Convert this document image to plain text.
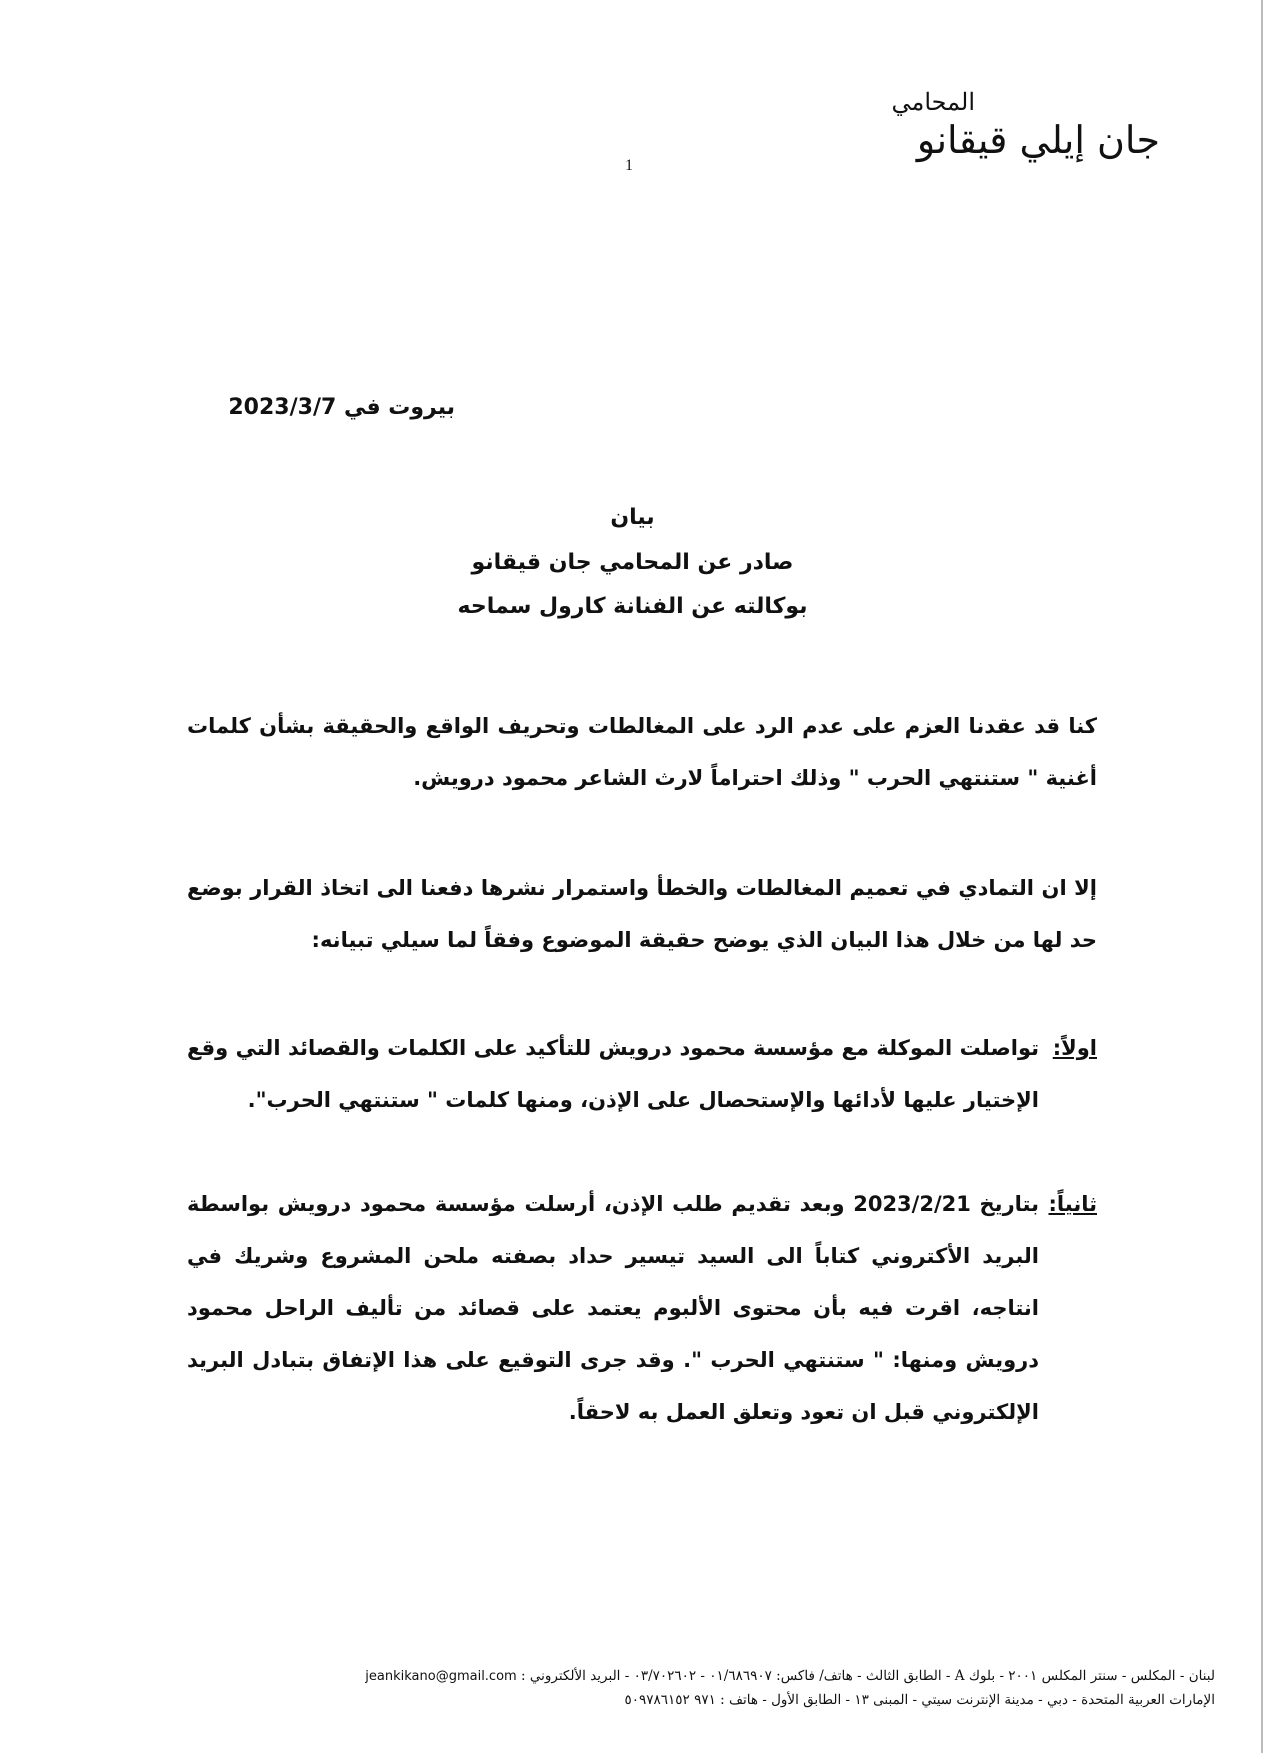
المحامي
جان إيلي قيقانو
1
بيروت في 2023/3/7
بيان
صادر عن المحامي جان قيقانو
بوكالته عن الفنانة كارول سماحه
كنا قد عقدنا العزم على عدم الرد على المغالطات وتحريف الواقع والحقيقة بشأن كلمات أغنية " ستنتهي الحرب " وذلك احتراماً لارث الشاعر محمود درويش.
إلا ان التمادي في تعميم المغالطات والخطأ واستمرار نشرها دفعنا الى اتخاذ القرار بوضع حد لها من خلال هذا البيان الذي يوضح حقيقة الموضوع وفقاً لما سيلي تبيانه:
اولاً:
تواصلت الموكلة مع مؤسسة محمود درويش للتأكيد على الكلمات والقصائد التي وقع الإختيار عليها لأدائها والإستحصال على الإذن، ومنها كلمات " ستنتهي الحرب".
ثانياً:
بتاريخ 2023/2/21 وبعد تقديم طلب الإذن، أرسلت مؤسسة محمود درويش بواسطة البريد الأكتروني كتاباً الى السيد تيسير حداد بصفته ملحن المشروع وشريك في انتاجه، اقرت فيه بأن محتوى الألبوم يعتمد على قصائد من تأليف الراحل محمود درويش ومنها: " ستنتهي الحرب ". وقد جرى التوقيع على هذا الإتفاق بتبادل البريد الإلكتروني قبل ان تعود وتعلق العمل به لاحقاً.
لبنان - المكلس - سنتر المكلس ٢٠٠١ - بلوك A - الطابق الثالث - هاتف/ فاكس: ٠١/٦٨٦٩٠٧ - ٠٣/٧٠٢٦٠٢ - البريد الألكتروني : jeankikano@gmail.com
الإمارات العربية المتحدة - دبي - مدينة الإنترنت سيتي - المبنى ١٣ - الطابق الأول - هاتف : ٩٧١ ٥٠٩٧٨٦١٥٢
